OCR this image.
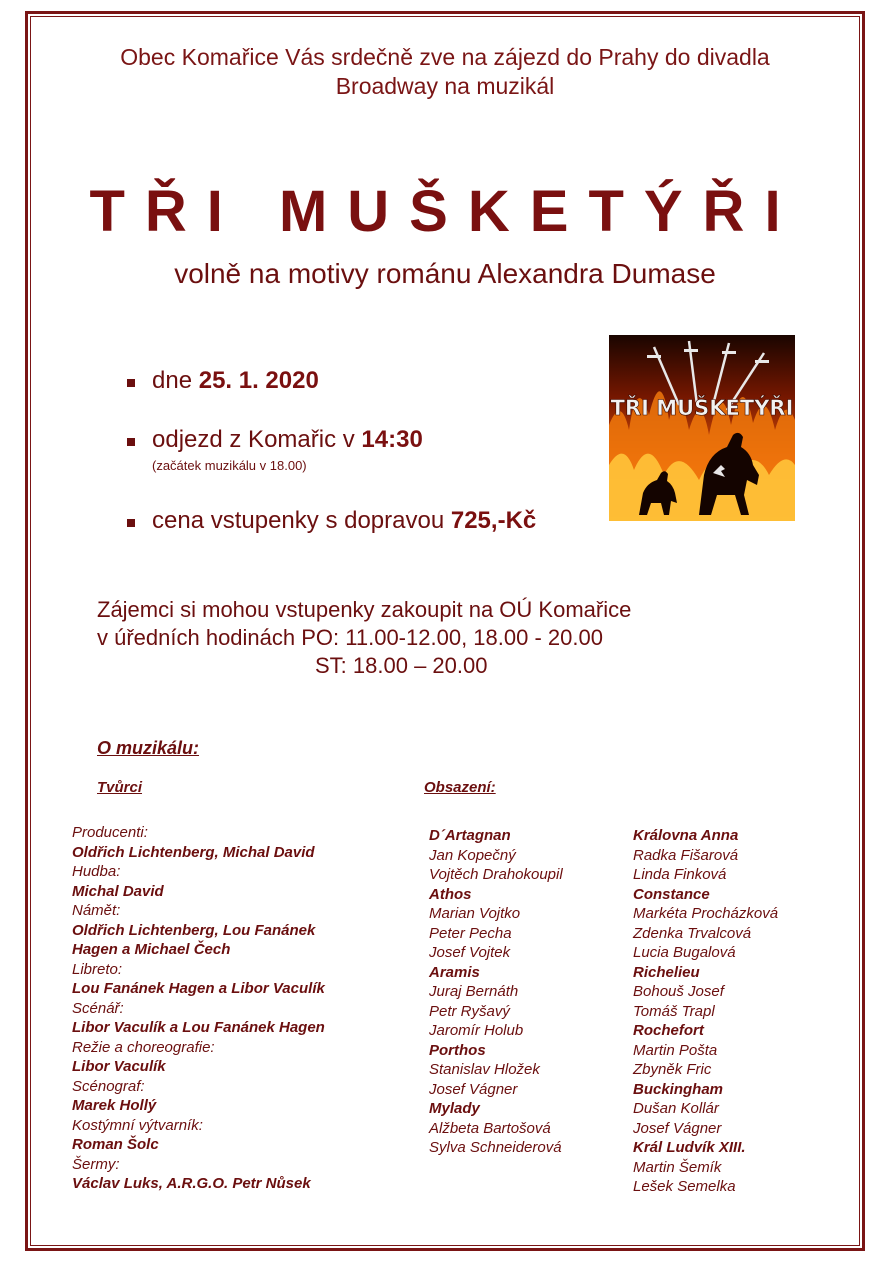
Obec Komařice Vás srdečně zve na zájezd do Prahy do divadla
Broadway na muzikál
TŘI MUŠKETÝŘI
volně na motivy románu Alexandra Dumase
dne 25. 1. 2020
odjezd z Komařic v 14:30
(začátek muzikálu v 18.00)
cena vstupenky s dopravou 725,-Kč
TŘI MUŠKETÝŘI
Zájemci si mohou vstupenky zakoupit na OÚ Komařice
v úředních hodinách PO: 11.00-12.00, 18.00 - 20.00
ST: 18.00 – 20.00
O muzikálu:
Tvůrci	Obsazení:
Producenti:
Oldřich Lichtenberg, Michal David
Hudba:
Michal David
Námět:
Oldřich Lichtenberg, Lou Fanánek
Hagen a Michael Čech
Libreto:
Lou Fanánek Hagen a Libor Vaculík
Scénář:
Libor Vaculík a Lou Fanánek Hagen
Režie a choreografie:
Libor Vaculík
Scénograf:
Marek Hollý
Kostýmní výtvarník:
Roman Šolc
Šermy:
Václav Luks, A.R.G.O. Petr Nůsek
D´Artagnan
Jan Kopečný
Vojtěch Drahokoupil
Athos
Marian Vojtko
Peter Pecha
Josef Vojtek
Aramis
Juraj Bernáth
Petr Ryšavý
Jaromír Holub
Porthos
Stanislav Hložek
Josef Vágner
Mylady
Alžbeta Bartošová
Sylva Schneiderová
Královna Anna
Radka Fišarová
Linda Finková
Constance
Markéta Procházková
Zdenka Trvalcová
Lucia Bugalová
Richelieu
Bohouš Josef
Tomáš Trapl
Rochefort
Martin Pošta
Zbyněk Fric
Buckingham
Dušan Kollár
Josef Vágner
Král Ludvík XIII.
Martin Šemík
Lešek Semelka
